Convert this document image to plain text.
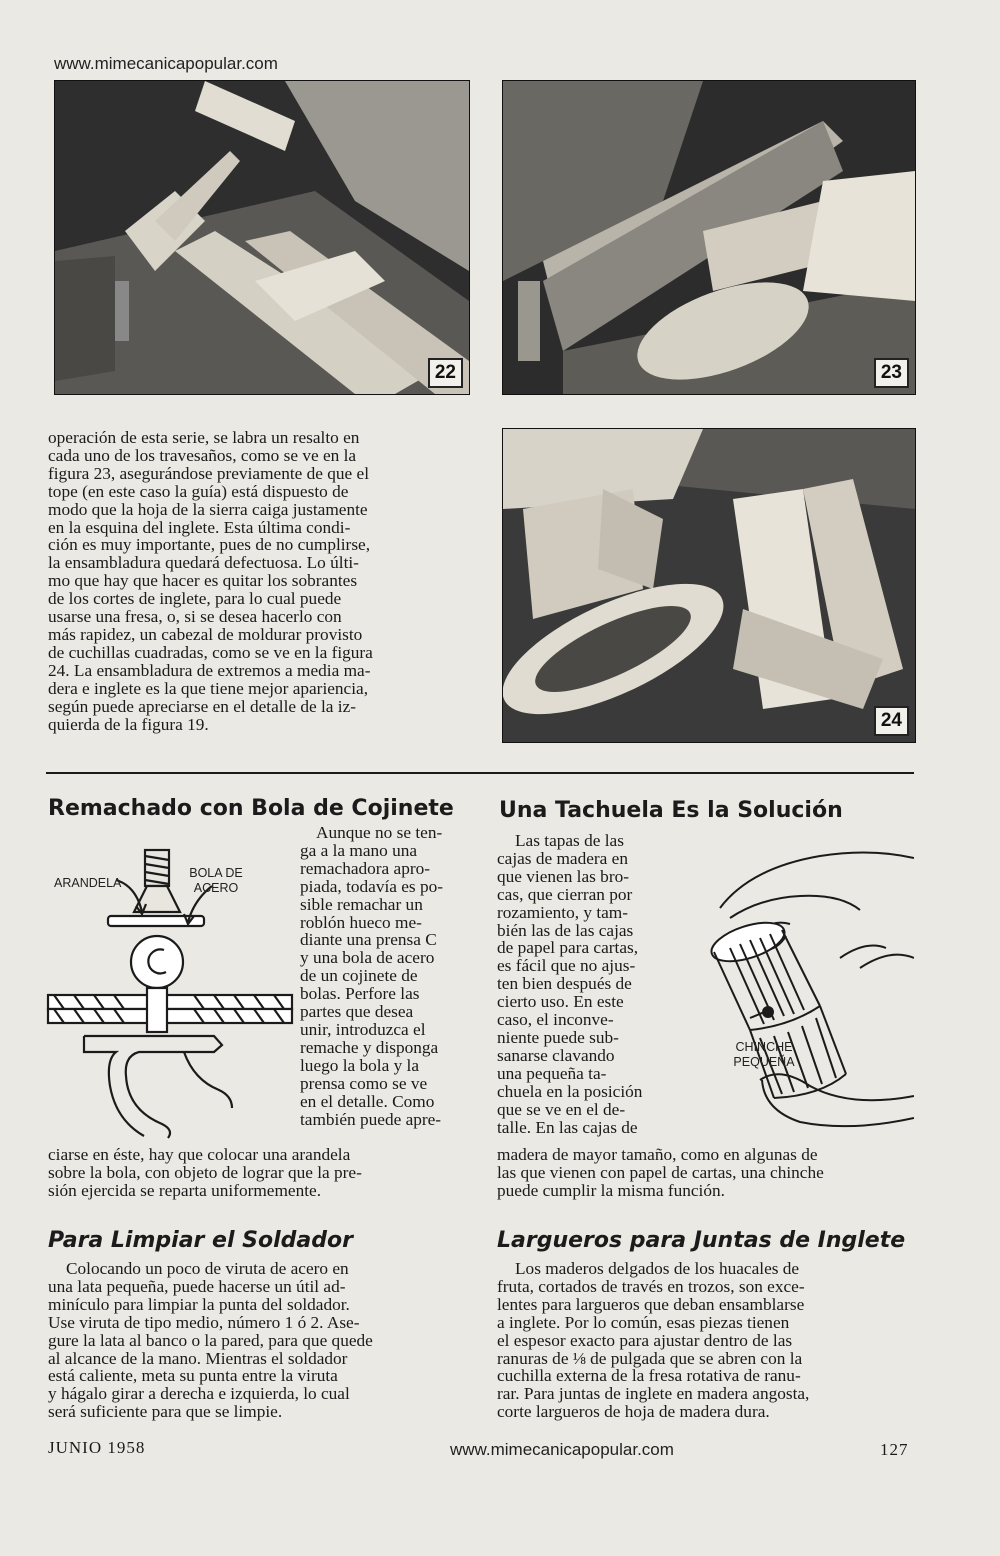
www.mimecanicapopular.com
22	23
24
operación de esta serie, se labra un resalto en
cada uno de los travesaños, como se ve en la
figura 23, asegurándose previamente de que el
tope (en este caso la guía) está dispuesto de
modo que la hoja de la sierra caiga justamente
en la esquina del inglete. Esta última condi-
ción es muy importante, pues de no cumplirse,
la ensambladura quedará defectuosa. Lo últi-
mo que hay que hacer es quitar los sobrantes
de los cortes de inglete, para lo cual puede
usarse una fresa, o, si se desea hacerlo con
más rapidez, un cabezal de moldurar provisto
de cuchillas cuadradas, como se ve en la figura
24. La ensambladura de extremos a media ma-
dera e inglete es la que tiene mejor apariencia,
según puede apreciarse en el detalle de la iz-
quierda de la figura 19.
Remachado con Bola de Cojinete
ARANDELA
BOLA DE ACERO
Aunque no se ten-
ga a la mano una
remachadora apro-
piada, todavía es po-
sible remachar un
roblón hueco me-
diante una prensa C
y una bola de acero
de un cojinete de
bolas. Perfore las
partes que desea
unir, introduzca el
remache y disponga
luego la bola y la
prensa como se ve
en el detalle. Como
también puede apre-
ciarse en éste, hay que colocar una arandela
sobre la bola, con objeto de lograr que la pre-
sión ejercida se reparta uniformemente.
Para Limpiar el Soldador
Colocando un poco de viruta de acero en
una lata pequeña, puede hacerse un útil ad-
minículo para limpiar la punta del soldador.
Use viruta de tipo medio, número 1 ó 2. Ase-
gure la lata al banco o la pared, para que quede
al alcance de la mano. Mientras el soldador
está caliente, meta su punta entre la viruta
y hágalo girar a derecha e izquierda, lo cual
será suficiente para que se limpie.
Una Tachuela Es la Solución
Las tapas de las
cajas de madera en
que vienen las bro-
cas, que cierran por
rozamiento, y tam-
bién las de las cajas
de papel para cartas,
es fácil que no ajus-
ten bien después de
cierto uso. En este
caso, el inconve-
niente puede sub-
sanarse clavando
una pequeña ta-
chuela en la posición
que se ve en el de-
talle. En las cajas de
CHINCHE PEQUEÑA
madera de mayor tamaño, como en algunas de
las que vienen con papel de cartas, una chinche
puede cumplir la misma función.
Largueros para Juntas de Inglete
Los maderos delgados de los huacales de
fruta, cortados de través en trozos, son exce-
lentes para largueros que deban ensamblarse
a inglete. Por lo común, esas piezas tienen
el espesor exacto para ajustar dentro de las
ranuras de ⅛ de pulgada que se abren con la
cuchilla externa de la fresa rotativa de ranu-
rar. Para juntas de inglete en madera angosta,
corte largueros de hoja de madera dura.
JUNIO 1958	www.mimecanicapopular.com	127
